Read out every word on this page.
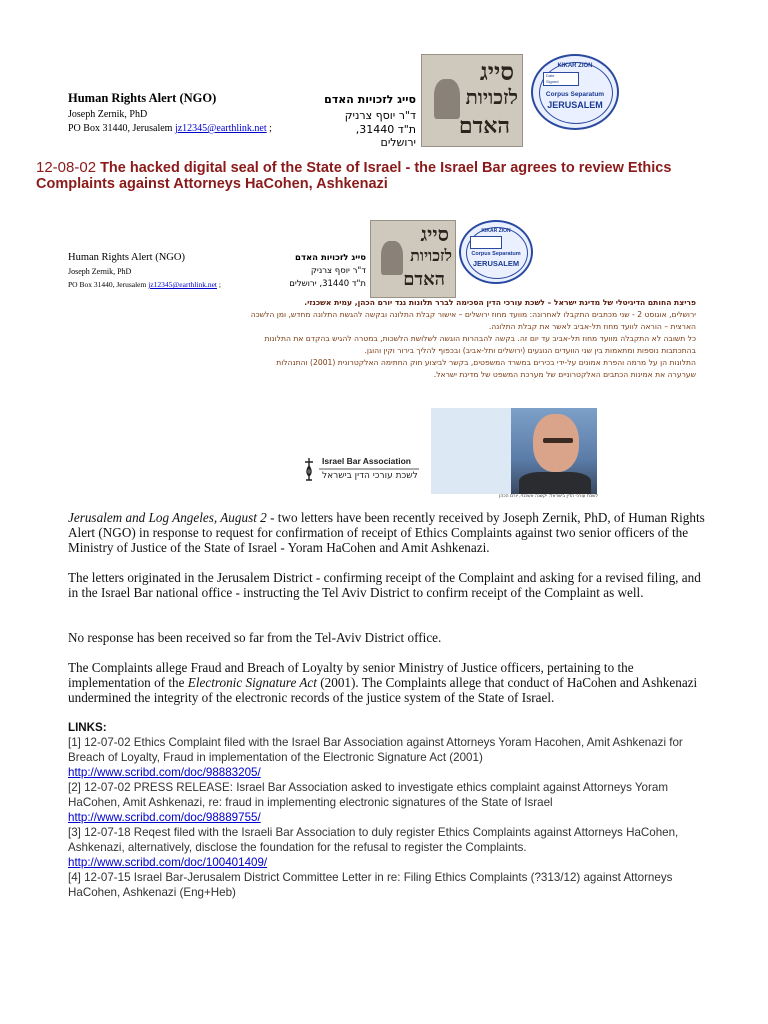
Human Rights Alert (NGO)
Joseph Zernik, PhD
PO Box 31440, Jerusalem jz12345@earthlink.net ;
סייג לזכויות האדם
ד"ר יוסף צרניק
ת"ד 31440, ירושלים
סייג
לזכויות
האדם
KIKAR ZION
Date
Signed
Corpus Separatum
JERUSALEM
12-08-02 The hacked digital seal of the State of Israel - the Israel Bar agrees to review Ethics Complaints against Attorneys HaCohen, Ashkenazi
Human Rights Alert (NGO)
Joseph Zernik, PhD
PO Box 31440, Jerusalem jz12345@earthlink.net ;
סייג לזכויות האדם
ד"ר יוסף צרניק
ת"ד 31440, ירושלים
סייג
לזכויות
האדם
KIKAR ZION
Corpus Separatum
JERUSALEM
פריצת החותם הדיגיטלי של מדינת ישראל – לשכת עורכי הדין הסכימה לברר תלונות נגד יורם הכהן, עמית אשכנזי.
ירושלים, אוגוסט 2 - שני מכתבים התקבלו לאחרונה: מוועד מחוז ירושלים – אישור קבלת התלונה ובקשה להגשת התלונה מחדש, ומן הלשכה
הארצית – הוראה לוועד מחוז תל-אביב לאשר את קבלת התלונה.
כל תשובה לא התקבלה מוועד מחוז תל-אביב עד יום זה. בקשה להבהרות הוגשה לשלושת הלשכות, במטרה להגיש בהקדם את התלונות
בהתכתבות נוספות ומתאמות בין שני הוועדים הנוגעים (ירושלים ותל-אביב) ובכפוף להליך בירור וקין והוגן.
התלונות הן על מרמה והפרת אמונים על-ידי בכירים במשרד המשפטים, בקשר לביצוע חוק החתימה האלקטרונית (2001) והתנהלות
שערערה את אמינות הכתבים האלקטרוניים של מערכת המשפט של מדינת ישראל.
Israel Bar Association
לשכת עורכי הדין בישראל
לשכת עורכי הדין בישראל: יקשנה אשכנזי, יורם הכהן
Jerusalem and Log Angeles, August 2 - two letters have been recently received by Joseph Zernik, PhD, of Human Rights Alert (NGO) in response to request for confirmation of receipt of Ethics Complaints against two senior officers of the Ministry of Justice of the State of Israel - Yoram HaCohen and Amit Ashkenazi.
The letters originated in the Jerusalem District - confirming receipt of the Complaint and asking for a revised filing, and in the Israel Bar national office - instructing the Tel Aviv District to confirm receipt of the Complaint as well.
No response has been received so far from the Tel-Aviv District office.
The Complaints allege Fraud and Breach of Loyalty by senior Ministry of Justice officers, pertaining to the implementation of the Electronic Signature Act (2001). The Complaints allege that conduct of HaCohen and Ashkenazi undermined the integrity of the electronic records of the justice system of the State of Israel.
LINKS:
[1] 12-07-02 Ethics Complaint filed with the Israel Bar Association against Attorneys Yoram Hacohen, Amit Ashkenazi for Breach of Loyalty, Fraud in implementation of the Electronic Signature Act (2001)
http://www.scribd.com/doc/98883205/
[2] 12-07-02 PRESS RELEASE: Israel Bar Association asked to investigate ethics complaint against Attorneys Yoram HaCohen, Amit Ashkenazi, re: fraud in implementing electronic signatures of the State of Israel
http://www.scribd.com/doc/98889755/
[3] 12-07-18 Reqest filed with the Israeli Bar Association to duly register Ethics Complaints against Attorneys HaCohen, Ashkenazi, alternatively, disclose the foundation for the refusal to register the Complaints.
http://www.scribd.com/doc/100401409/
[4] 12-07-15 Israel Bar-Jerusalem District Committee Letter in re: Filing Ethics Complaints (?313/12) against Attorneys HaCohen, Ashkenazi (Eng+Heb)
